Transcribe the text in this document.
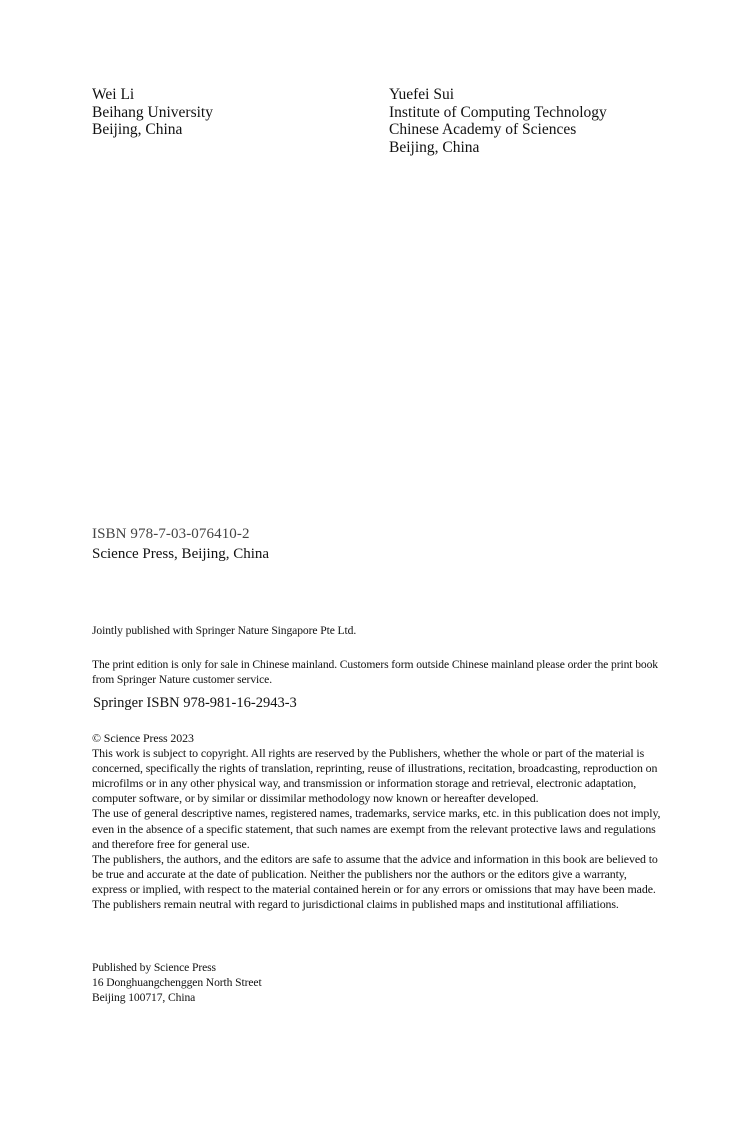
Wei Li
Beihang University
Beijing, China
Yuefei Sui
Institute of Computing Technology
Chinese Academy of Sciences
Beijing, China
ISBN 978-7-03-076410-2
Science Press, Beijing, China
Jointly published with Springer Nature Singapore Pte Ltd.
The print edition is only for sale in Chinese mainland. Customers form outside Chinese mainland please order the print book from Springer Nature customer service.
Springer ISBN 978-981-16-2943-3

© Science Press 2023

This work is subject to copyright. All rights are reserved by the Publishers, whether the whole or part of the material is concerned, specifically the rights of translation, reprinting, reuse of illustrations, recitation, broadcasting, reproduction on microfilms or in any other physical way, and transmission or information storage and retrieval, electronic adaptation, computer software, or by similar or dissimilar methodology now known or hereafter developed.

The use of general descriptive names, registered names, trademarks, service marks, etc. in this publication does not imply, even in the absence of a specific statement, that such names are exempt from the relevant protective laws and regulations and therefore free for general use.

The publishers, the authors, and the editors are safe to assume that the advice and information in this book are believed to be true and accurate at the date of publication. Neither the publishers nor the authors or the editors give a warranty, express or implied, with respect to the material contained herein or for any errors or omissions that may have been made. The publishers remain neutral with regard to jurisdictional claims in published maps and institutional affiliations.

Published by Science Press
16 Donghuangchenggen North Street
Beijing 100717, China
